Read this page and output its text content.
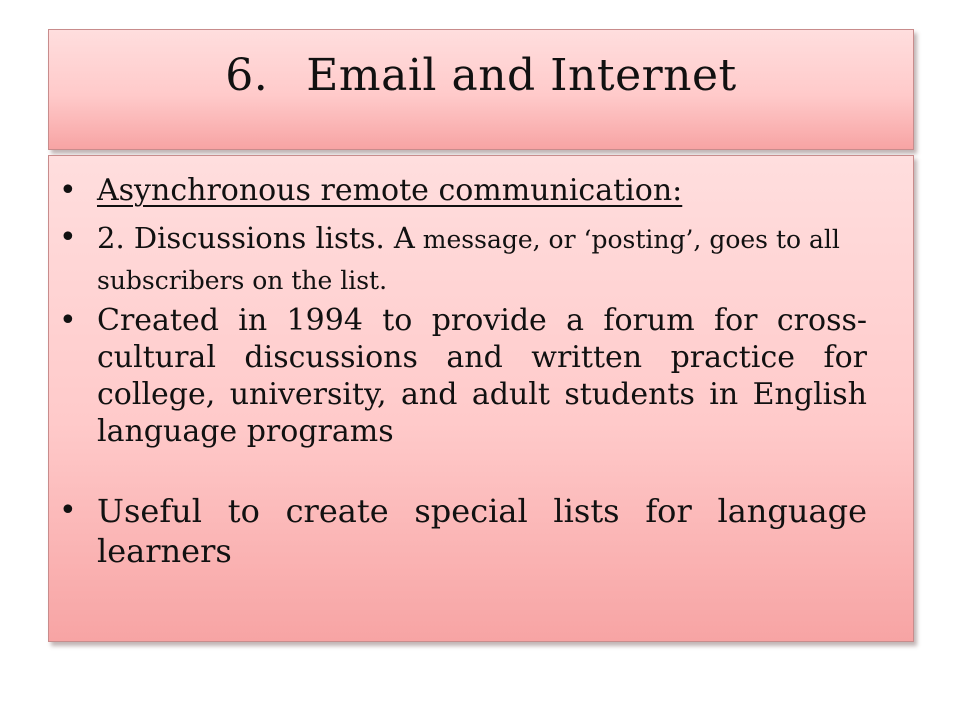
6. Email and Internet
• Asynchronous remote communication:
• 2. Discussions lists. A message, or ‘posting’, goes to all subscribers on the list.
• Created in 1994 to provide a forum for cross-cultural discussions and written practice for college, university, and adult students in English language programs
• Useful to create special lists for language learners
